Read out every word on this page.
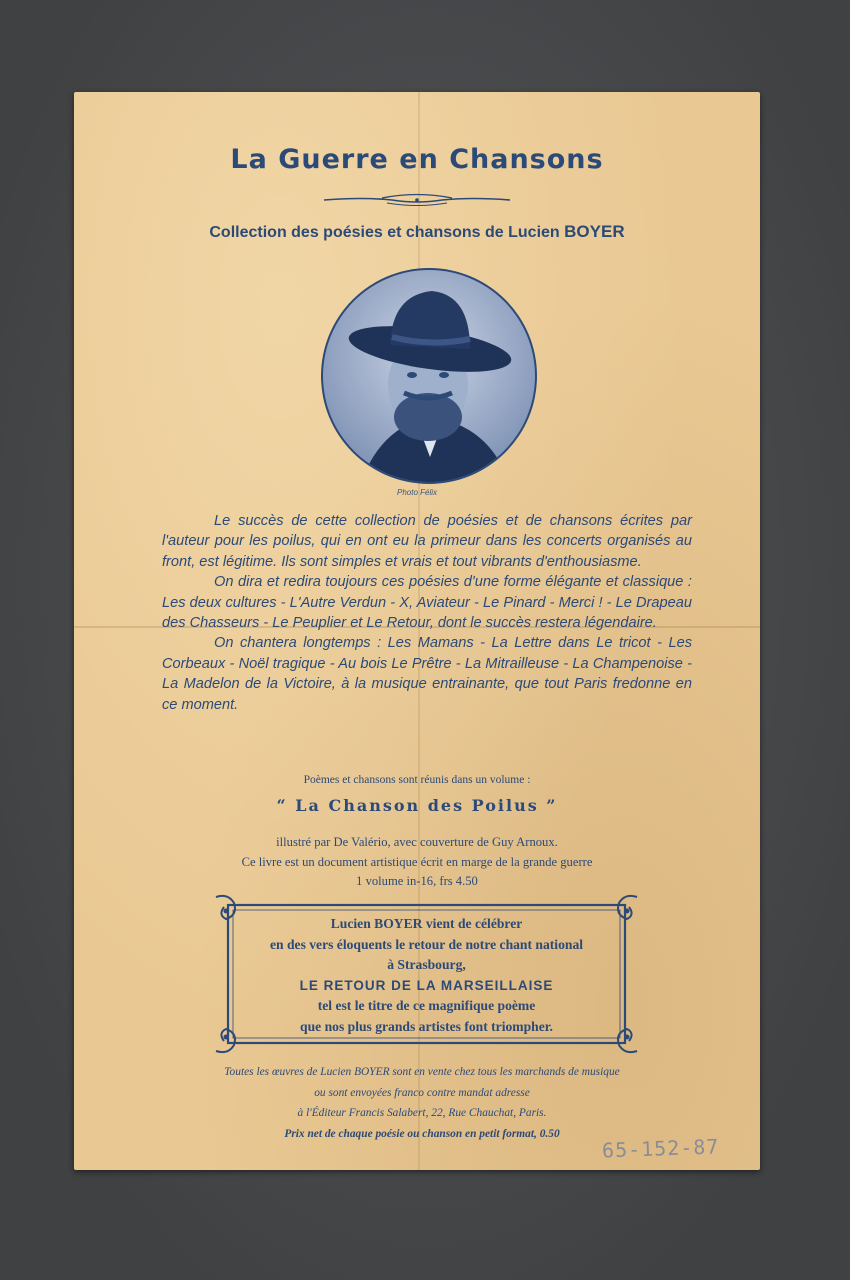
La Guerre en Chansons
Collection des poésies et chansons de Lucien BOYER
Photo Félix

Le succès de cette collection de poésies et de chansons écrites par l'auteur pour les poilus, qui en ont eu la primeur dans les concerts organisés au front, est légitime. Ils sont simples et vrais et tout vibrants d'enthousiasme.

On dira et redira toujours ces poésies d'une forme élégante et classique : Les deux cultures - L'Autre Verdun - X, Aviateur - Le Pinard - Merci ! - Le Drapeau des Chasseurs - Le Peuplier et Le Retour, dont le succès restera légendaire.

On chantera longtemps : Les Mamans - La Lettre dans Le tricot - Les Corbeaux - Noël tragique - Au bois Le Prêtre - La Mitrailleuse - La Champenoise - La Madelon de la Victoire, à la musique entrainante, que tout Paris fredonne en ce moment.

Poèmes et chansons sont réunis dans un volume :
“ La Chanson des Poilus ”
illustré par De Valério, avec couverture de Guy Arnoux.
Ce livre est un document artistique écrit en marge de la grande guerre
1 volume in-16, frs 4.50
Lucien BOYER vient de célébrer
en des vers éloquents le retour de notre chant national
à Strasbourg,
LE RETOUR DE LA MARSEILLAISE
tel est le titre de ce magnifique poème
que nos plus grands artistes font triompher.
Toutes les œuvres de Lucien BOYER sont en vente chez tous les marchands de musique
ou sont envoyées franco contre mandat adresse
à l'Éditeur Francis Salabert, 22, Rue Chauchat, Paris.
Prix net de chaque poésie ou chanson en petit format, 0.50
65-152-87
